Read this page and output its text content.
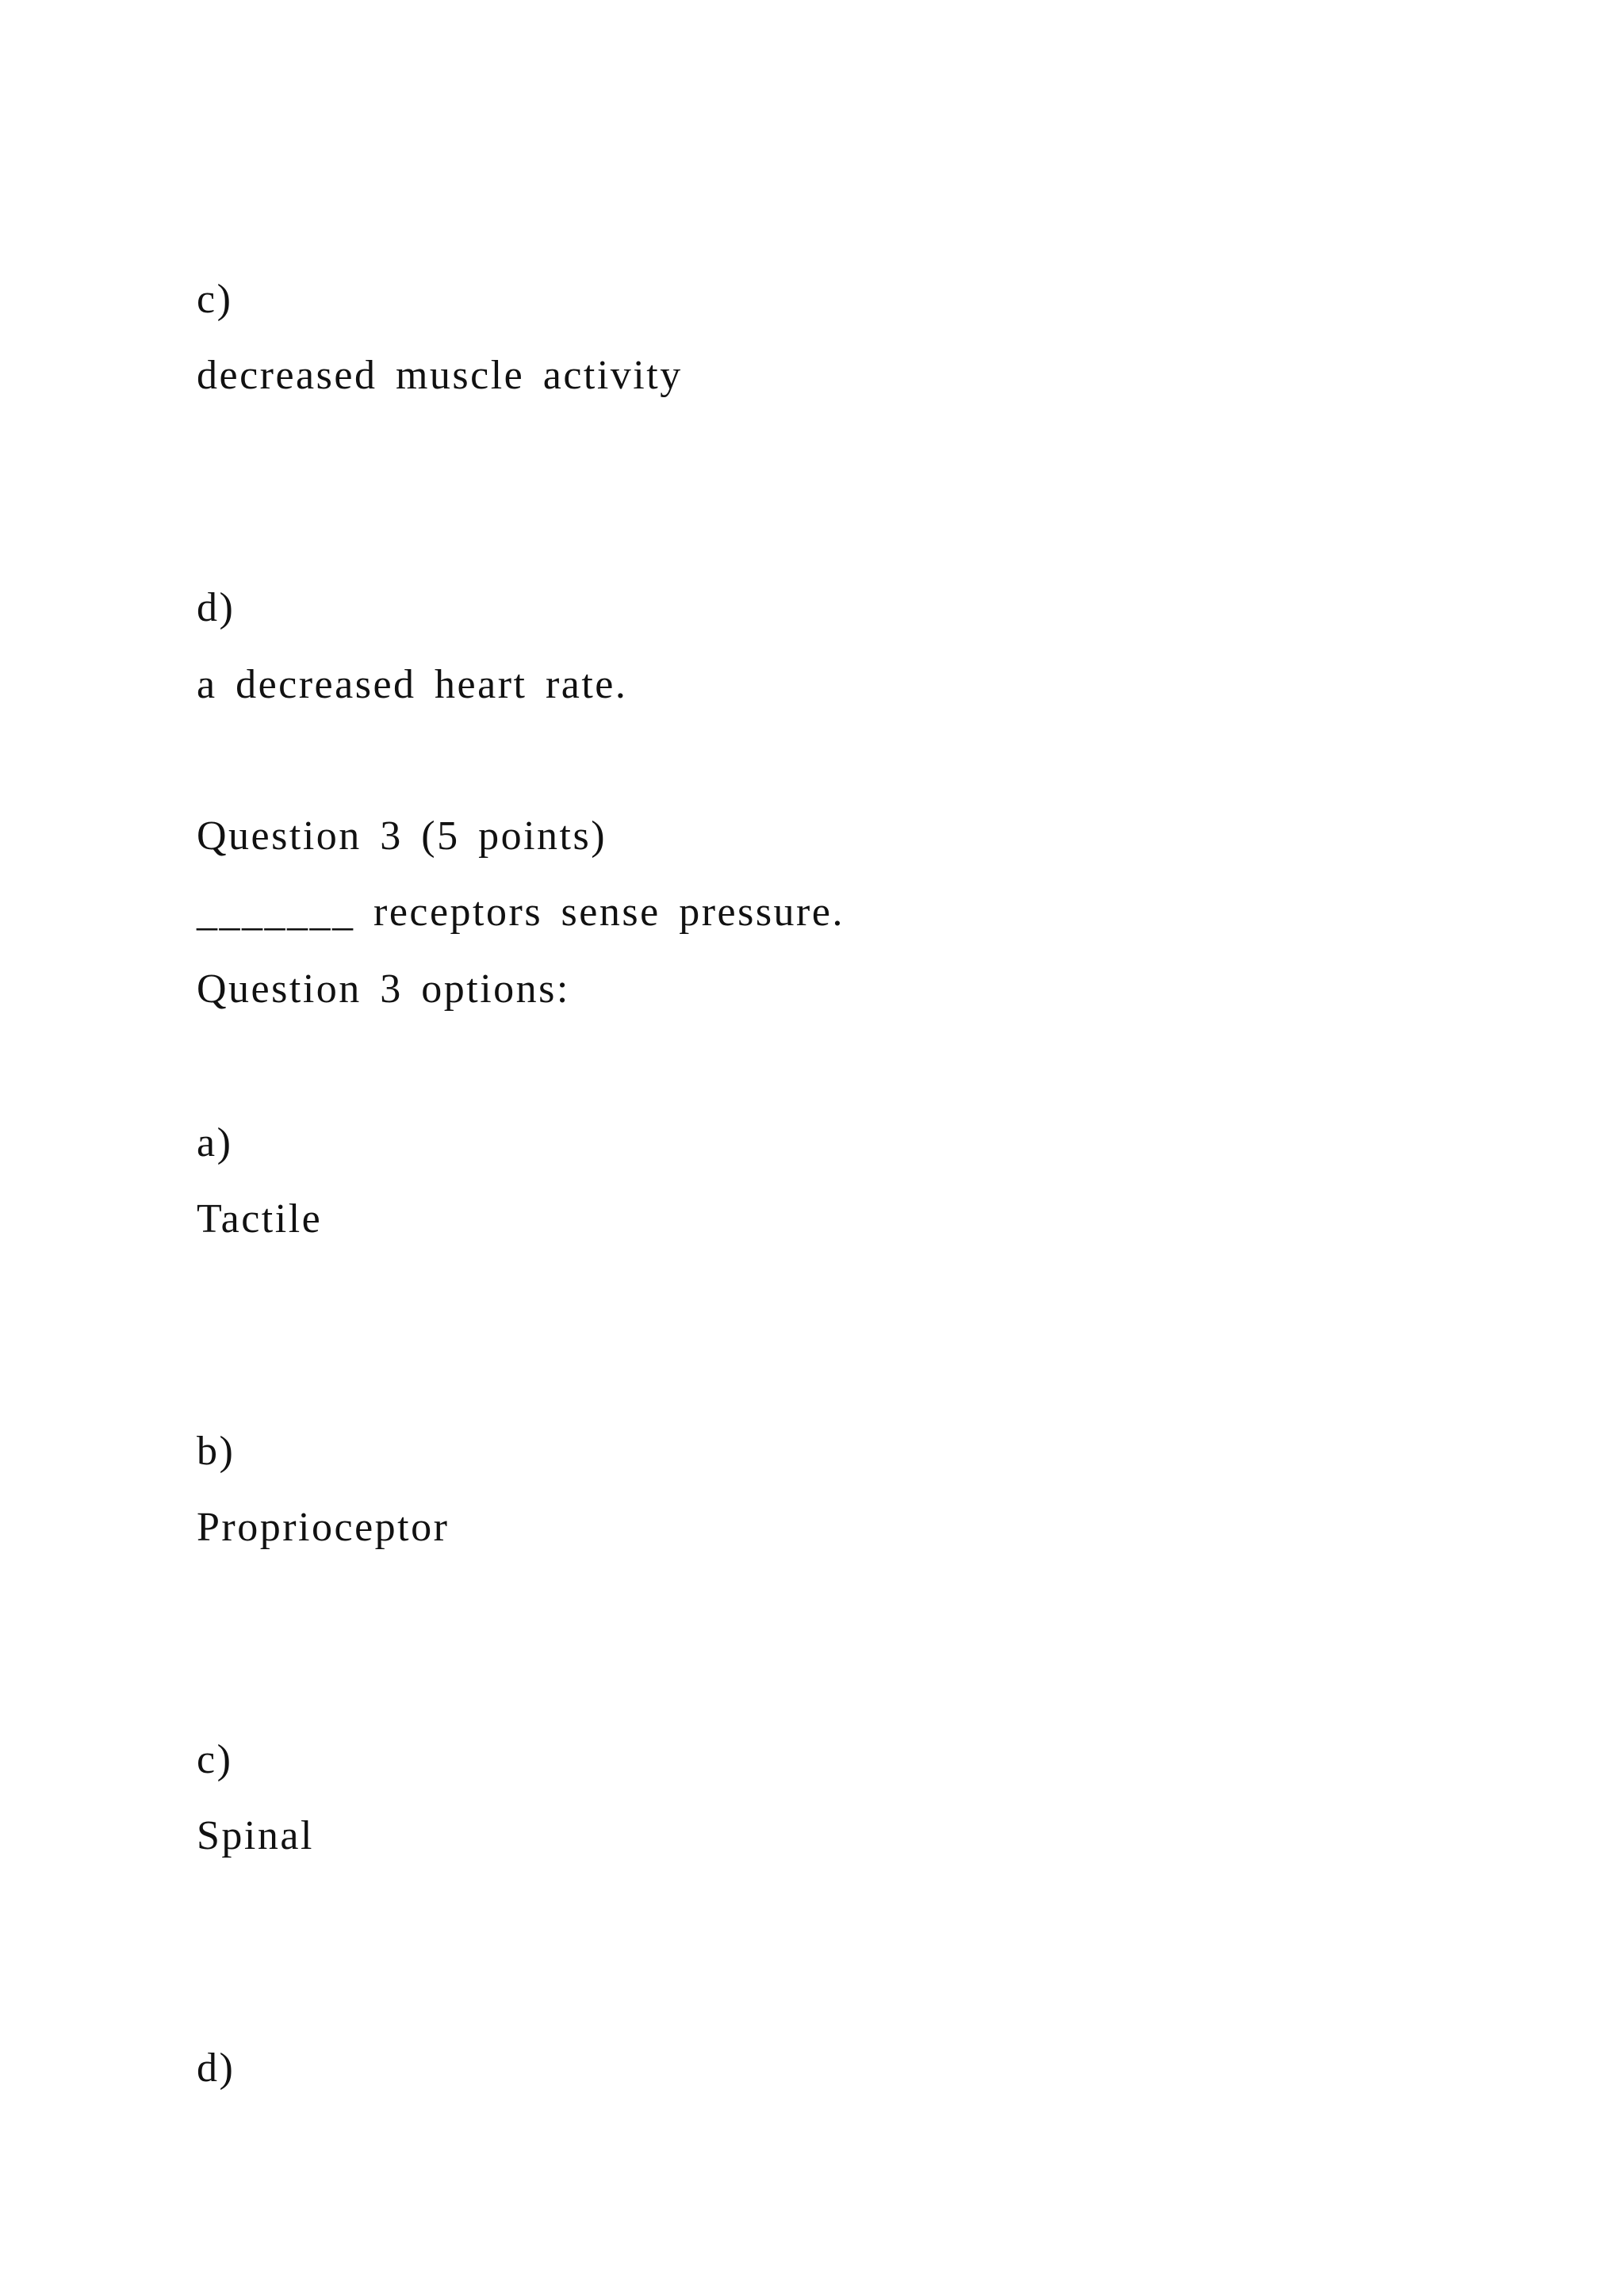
c)
decreased muscle activity
d)
a decreased heart rate.
Question 3 (5 points)
_______ receptors sense pressure.
Question 3 options:
a)
Tactile
b)
Proprioceptor
c)
Spinal
d)
